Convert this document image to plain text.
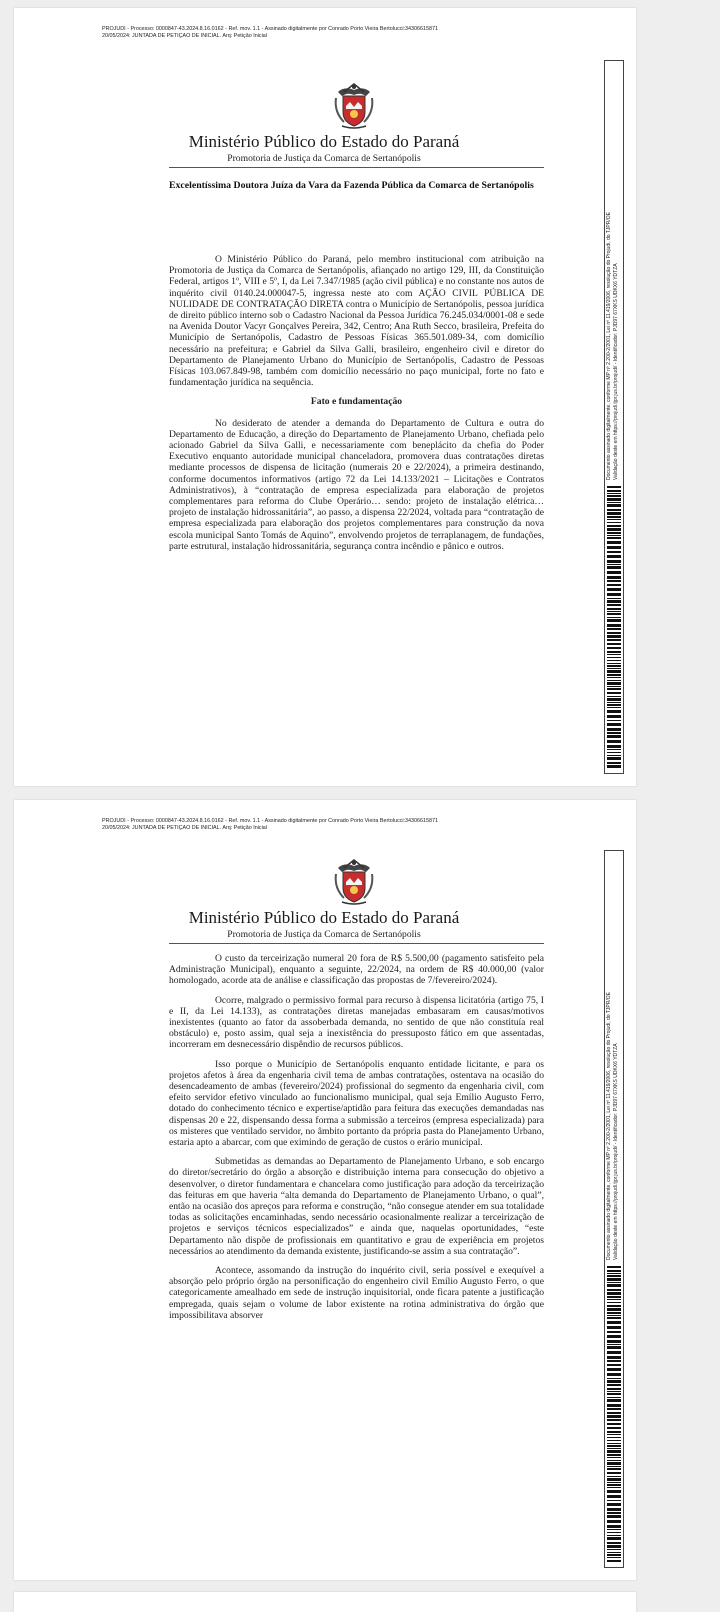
PROJUDI - Processo: 0000847-43.2024.8.16.0162 - Ref. mov. 1.1 - Assinado digitalmente por Conrado Porto Vieira Bertolucci:34306615871
20/05/2024: JUNTADA DE PETIÇÃO DE INICIAL. Arq: Petição Inicial
Ministério Público do Estado do Paraná
Promotoria de Justiça da Comarca de Sertanópolis
Excelentíssima Doutora Juíza da Vara da Fazenda Pública da Comarca de Sertanópolis

O Ministério Público do Paraná, pelo membro institucional com atribuição na Promotoria de Justiça da Comarca de Sertanópolis, afiançado no artigo 129, III, da Constituição Federal, artigos 1º, VIII e 5º, I, da Lei 7.347/1985 (ação civil pública) e no constante nos autos de inquérito civil 0140.24.000047-5, ingressa neste ato com AÇÃO CIVIL PÚBLICA DE NULIDADE DE CONTRATAÇÃO DIRETA contra o Município de Sertanópolis, pessoa jurídica de direito público interno sob o Cadastro Nacional da Pessoa Jurídica 76.245.034/0001-08 e sede na Avenida Doutor Vacyr Gonçalves Pereira, 342, Centro; Ana Ruth Secco, brasileira, Prefeita do Município de Sertanópolis, Cadastro de Pessoas Físicas 365.501.089-34, com domicílio necessário na prefeitura; e Gabriel da Silva Galli, brasileiro, engenheiro civil e diretor do Departamento de Planejamento Urbano do Município de Sertanópolis, Cadastro de Pessoas Físicas 103.067.849-98, também com domicílio necessário no paço municipal, forte no fato e fundamentação jurídica na sequência.

Fato e fundamentação

No desiderato de atender a demanda do Departamento de Cultura e outra do Departamento de Educação, a direção do Departamento de Planejamento Urbano, chefiada pelo acionado Gabriel da Silva Galli, e necessariamente com beneplácito da chefia do Poder Executivo enquanto autoridade municipal chanceladora, promovera duas contratações diretas mediante processos de dispensa de licitação (numerais 20 e 22/2024), a primeira destinando, conforme documentos informativos (artigo 72 da Lei 14.133/2021 – Licitações e Contratos Administrativos), à “contratação de empresa especializada para elaboração de projetos complementares para reforma do Clube Operário… sendo: projeto de instalação elétrica… projeto de instalação hidrossanitária”, ao passo, a dispensa 22/2024, voltada para “contratação de empresa especializada para elaboração dos projetos complementares para construção da nova escola municipal Santo Tomás de Aquino”, envolvendo projetos de terraplanagem, de fundações, parte estrutural, instalação hidrossanitária, segurança contra incêndio e pânico e outros.

Documento assinado digitalmente, conforme MP nº 2.200-2/2001, Lei nº 11.419/2006, resolução do Projudi, do TJPR/OE Validação deste em https://projudi.tjpr.jus.br/projudi/ - Identificador: PJD97 67XKS UDKX6 YDTZA
PROJUDI - Processo: 0000847-43.2024.8.16.0162 - Ref. mov. 1.1 - Assinado digitalmente por Conrado Porto Vieira Bertolucci:34306615871
20/05/2024: JUNTADA DE PETIÇÃO DE INICIAL. Arq: Petição Inicial
Ministério Público do Estado do Paraná
Promotoria de Justiça da Comarca de Sertanópolis

O custo da terceirização numeral 20 fora de R$ 5.500,00 (pagamento satisfeito pela Administração Municipal), enquanto a seguinte, 22/2024, na ordem de R$ 40.000,00 (valor homologado, acorde ata de análise e classificação das propostas de 7/fevereiro/2024).

Ocorre, malgrado o permissivo formal para recurso à dispensa licitatória (artigo 75, I e II, da Lei 14.133), as contratações diretas manejadas embasaram em causas/motivos inexistentes (quanto ao fator da assoberbada demanda, no sentido de que não constituía real obstáculo) e, posto assim, qual seja a inexistência do pressuposto fático em que assentadas, incorreram em desnecessário dispêndio de recursos públicos.

Isso porque o Município de Sertanópolis enquanto entidade licitante, e para os projetos afetos à área da engenharia civil tema de ambas contratações, ostentava na ocasião do desencadeamento de ambas (fevereiro/2024) profissional do segmento da engenharia civil, com efeito servidor efetivo vinculado ao funcionalismo municipal, qual seja Emílio Augusto Ferro, dotado do conhecimento técnico e expertise/aptidão para feitura das execuções demandadas nas dispensas 20 e 22, dispensando dessa forma a submissão a terceiros (empresa especializada) para os misteres que ventilado servidor, no âmbito portanto da própria pasta do Planejamento Urbano, estaria apto a abarcar, com que eximindo de geração de custos o erário municipal.

Submetidas as demandas ao Departamento de Planejamento Urbano, e sob encargo do diretor/secretário do órgão a absorção e distribuição interna para consecução do objetivo a desenvolver, o diretor fundamentara e chancelara como justificação para adoção da terceirização das feituras em que haveria “alta demanda do Departamento de Planejamento Urbano, o qual”, então na ocasião dos apreços para reforma e construção, “não consegue atender em sua totalidade todas as solicitações encaminhadas, sendo necessário ocasionalmente realizar a terceirização de projetos e serviços técnicos especializados” e ainda que, naquelas oportunidades, “este Departamento não dispõe de profissionais em quantitativo e grau de experiência em projetos necessários ao atendimento da demanda existente, justificando-se assim a sua contratação”.

Acontece, assomando da instrução do inquérito civil, seria possível e exequível a absorção pelo próprio órgão na personificação do engenheiro civil Emílio Augusto Ferro, o que categoricamente amealhado em sede de instrução inquisitorial, onde ficara patente a justificação empregada, quais sejam o volume de labor existente na rotina administrativa do órgão que impossibilitava absorver

Documento assinado digitalmente, conforme MP nº 2.200-2/2001, Lei nº 11.419/2006, resolução do Projudi, do TJPR/OE Validação deste em https://projudi.tjpr.jus.br/projudi/ - Identificador: PJD97 67XKS UDKX6 YDTZA
